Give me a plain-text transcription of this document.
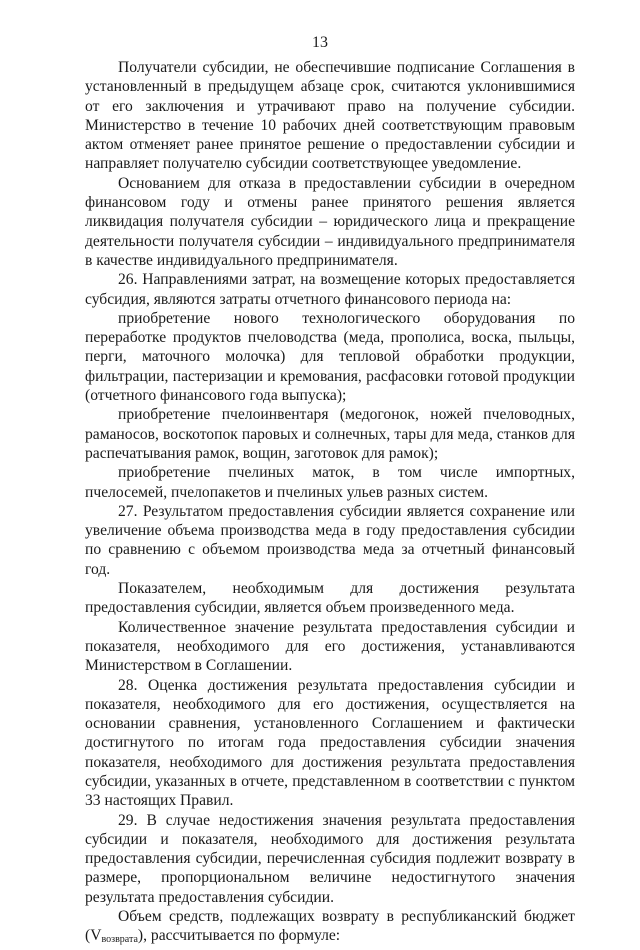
13

Получатели субсидии, не обеспечившие подписание Соглашения в установленный в предыдущем абзаце срок, считаются уклонившимися от его заключения и утрачивают право на получение субсидии. Министерство в течение 10 рабочих дней соответствующим правовым актом отменяет ранее принятое решение о предоставлении субсидии и направляет получателю субсидии соответствующее уведомление.

Основанием для отказа в предоставлении субсидии в очередном финансовом году и отмены ранее принятого решения является ликвидация получателя субсидии – юридического лица и прекращение деятельности получателя субсидии – индивидуального предпринимателя в качестве индивидуального предпринимателя.

26. Направлениями затрат, на возмещение которых предоставляется субсидия, являются затраты отчетного финансового периода на:

приобретение нового технологического оборудования по переработке продуктов пчеловодства (меда, прополиса, воска, пыльцы, перги, маточного молочка) для тепловой обработки продукции, фильтрации, пастеризации и кремования, расфасовки готовой продукции (отчетного финансового года выпуска);

приобретение пчелоинвентаря (медогонок, ножей пчеловодных, раманосов, воскотопок паровых и солнечных, тары для меда, станков для распечатывания рамок, вощин, заготовок для рамок);

приобретение пчелиных маток, в том числе импортных, пчелосемей, пчелопакетов и пчелиных ульев разных систем.

27. Результатом предоставления субсидии является сохранение или увеличение объема производства меда в году предоставления субсидии по сравнению с объемом производства меда за отчетный финансовый год.

Показателем, необходимым для достижения результата предоставления субсидии, является объем произведенного меда.

Количественное значение результата предоставления субсидии и показателя, необходимого для его достижения, устанавливаются Министерством в Соглашении.

28. Оценка достижения результата предоставления субсидии и показателя, необходимого для его достижения, осуществляется на основании сравнения, установленного Соглашением и фактически достигнутого по итогам года предоставления субсидии значения показателя, необходимого для достижения результата предоставления субсидии, указанных в отчете, представленном в соответствии с пунктом 33 настоящих Правил.

29. В случае недостижения значения результата предоставления субсидии и показателя, необходимого для достижения результата предоставления субсидии, перечисленная субсидия подлежит возврату в размере, пропорциональном величине недостигнутого значения результата предоставления субсидии.

Объем средств, подлежащих возврату в республиканский бюджет $(V_{возврата})$, рассчитывается по формуле:
